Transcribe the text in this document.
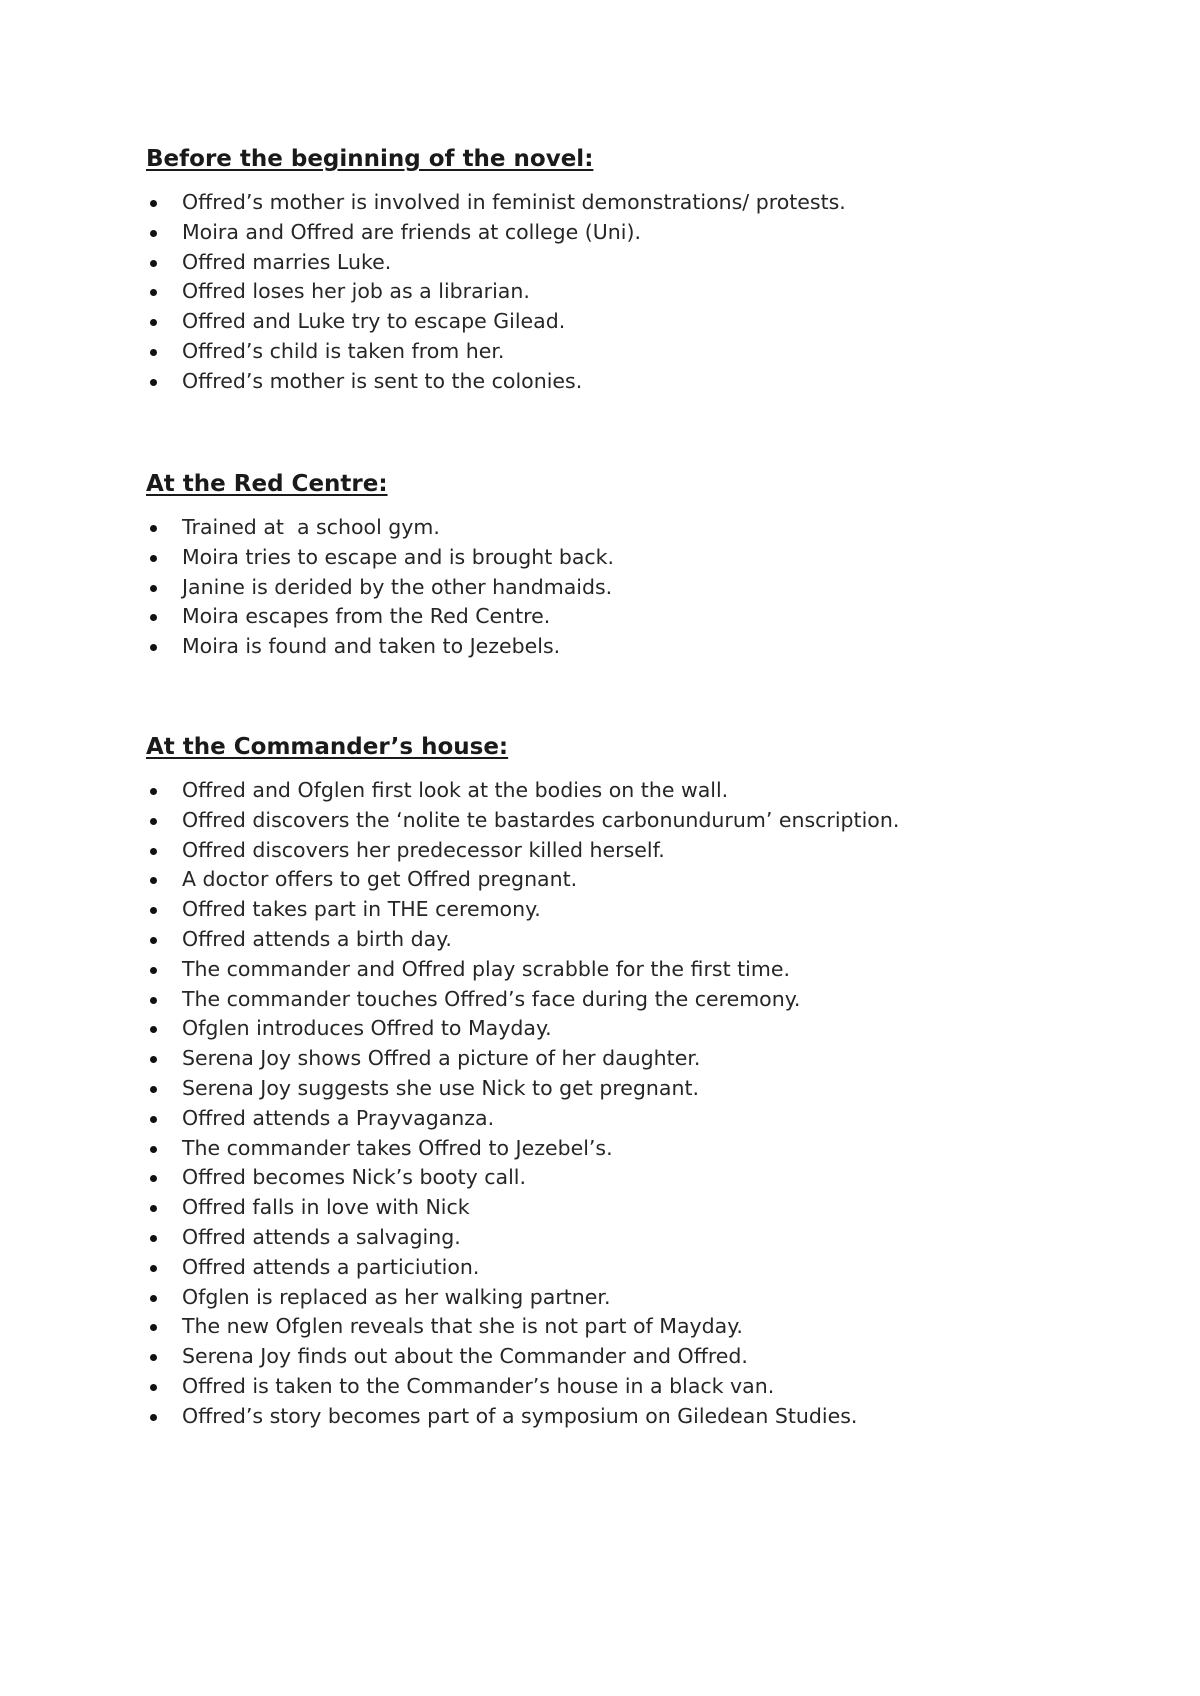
Before the beginning of the novel:
Offred’s mother is involved in feminist demonstrations/ protests.
Moira and Offred are friends at college (Uni).
Offred marries Luke.
Offred loses her job as a librarian.
Offred and Luke try to escape Gilead.
Offred’s child is taken from her.
Offred’s mother is sent to the colonies.
At the Red Centre:
Trained at  a school gym.
Moira tries to escape and is brought back.
Janine is derided by the other handmaids.
Moira escapes from the Red Centre.
Moira is found and taken to Jezebels.
At the Commander’s house:
Offred and Ofglen first look at the bodies on the wall.
Offred discovers the ‘nolite te bastardes carbonundurum’ enscription.
Offred discovers her predecessor killed herself.
A doctor offers to get Offred pregnant.
Offred takes part in THE ceremony.
Offred attends a birth day.
The commander and Offred play scrabble for the first time.
The commander touches Offred’s face during the ceremony.
Ofglen introduces Offred to Mayday.
Serena Joy shows Offred a picture of her daughter.
Serena Joy suggests she use Nick to get pregnant.
Offred attends a Prayvaganza.
The commander takes Offred to Jezebel’s.
Offred becomes Nick’s booty call.
Offred falls in love with Nick
Offred attends a salvaging.
Offred attends a particiution.
Ofglen is replaced as her walking partner.
The new Ofglen reveals that she is not part of Mayday.
Serena Joy finds out about the Commander and Offred.
Offred is taken to the Commander’s house in a black van.
Offred’s story becomes part of a symposium on Giledean Studies.
